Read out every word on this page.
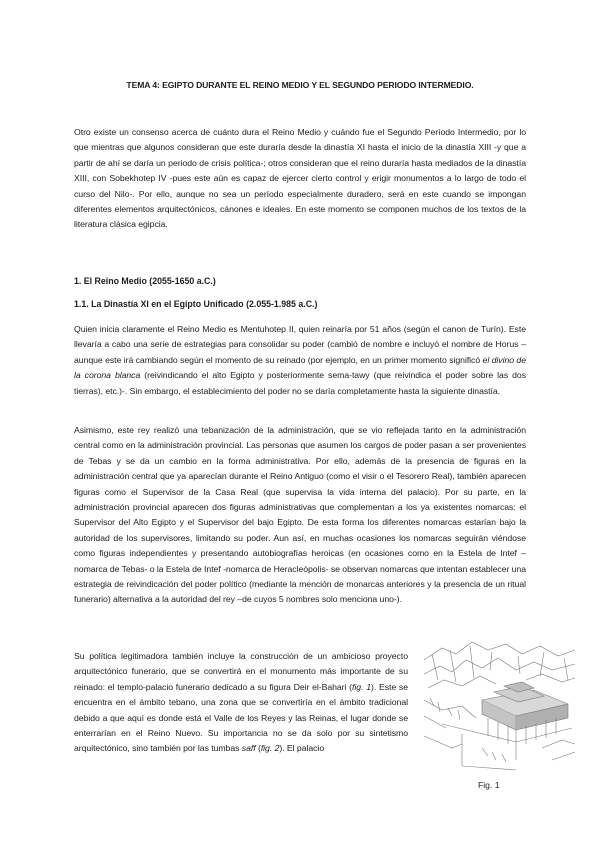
TEMA 4: EGIPTO DURANTE EL REINO MEDIO Y EL SEGUNDO PERIODO INTERMEDIO.

Otro existe un consenso acerca de cuánto dura el Reino Medio y cuándo fue el Segundo Período Intermedio, por lo que mientras que algunos consideran que este duraría desde la dinastía XI hasta el inicio de la dinastía XIII -y que a partir de ahí se daría un periodo de crisis política-; otros consideran que el reino duraría hasta mediados de la dinastía XIII, con Sobekhotep IV -pues este aún es capaz de ejercer cierto control y erigir monumentos a lo largo de todo el curso del Nilo-. Por ello, aunque no sea un período especialmente duradero, será en este cuando se impongan diferentes elementos arquitectónicos, cánones e ideales. En este momento se componen muchos de los textos de la literatura clásica egipcia.

1. El Reino Medio (2055-1650 a.C.)
1.1. La Dinastía XI en el Egipto Unificado (2.055-1.985 a.C.)

Quien inicia claramente el Reino Medio es Mentuhotep II, quien reinaría por 51 años (según el canon de Turín). Este llevaría a cabo una serie de estrategias para consolidar su poder (cambió de nombre e incluyó el nombre de Horus –aunque este irá cambiando según el momento de su reinado (por ejemplo, en un primer momento significó el divino de la corona blanca (reivindicando el alto Egipto y posteriormente sema-tawy (que reivindica el poder sobre las dos tierras), etc.)-. Sin embargo, el establecimiento del poder no se daría completamente hasta la siguiente dinastía.

Asimismo, este rey realizó una tebanización de la administración, que se vio reflejada tanto en la administración central como en la administración provincial. Las personas que asumen los cargos de poder pasan a ser provenientes de Tebas y se da un cambio en la forma administrativa. Por ello, además de la presencia de figuras en la administración central que ya aparecían durante el Reino Antiguo (como el visir o el Tesorero Real), también aparecen figuras como el Supervisor de la Casa Real (que supervisa la vida interna del palacio). Por su parte, en la administración provincial aparecen dos figuras administrativas que complementan a los ya existentes nomarcas: el Supervisor del Alto Egipto y el Supervisor del bajo Egipto. De esta forma los diferentes nomarcas estarían bajo la autoridad de los supervisores, limitando su poder. Aun así, en muchas ocasiones los nomarcas seguirán viéndose como figuras independientes y presentando autobiografías heroicas (en ocasiones como en la Estela de Intef –nomarca de Tebas- o la Estela de Intef -nomarca de Heracleópolis- se observan nomarcas que intentan establecer una estrategia de reivindicación del poder político (mediante la mención de monarcas anteriores y la presencia de un ritual funerario) alternativa a la autoridad del rey –de cuyos 5 nombres solo menciona uno-).

Su política legitimadora también incluye la construcción de un ambicioso proyecto arquitectónico funerario, que se convertirá en el monumento más importante de su reinado: el templo-palacio funerario dedicado a su figura Deir el-Bahari (fig. 1). Este se encuentra en el ámbito tebano, una zona que se convertiría en el ámbito tradicional debido a que aquí es donde está el Valle de los Reyes y las Reinas, el lugar donde se enterrarían en el Reino Nuevo. Su importancia no se da solo por su sintetismo arquitectónico, sino también por las tumbas saff (fig. 2). El palacio

Fig. 1
